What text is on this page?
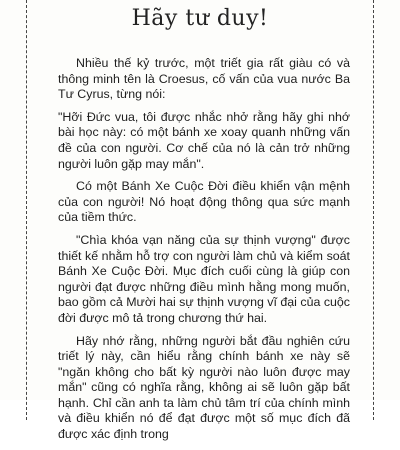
Hãy tư duy!

Nhiều thế kỷ trước, một triết gia rất giàu có và thông minh tên là Croesus, cố vấn của vua nước Ba Tư Cyrus, từng nói:

"Hỡi Đức vua, tôi được nhắc nhở rằng hãy ghi nhớ bài học này: có một bánh xe xoay quanh những vấn đề của con người. Cơ chế của nó là cản trở những người luôn gặp may mắn".

Có một Bánh Xe Cuộc Đời điều khiển vận mệnh của con người! Nó hoạt động thông qua sức mạnh của tiềm thức.

"Chìa khóa vạn năng của sự thịnh vượng" được thiết kế nhằm hỗ trợ con người làm chủ và kiểm soát Bánh Xe Cuộc Đời. Mục đích cuối cùng là giúp con người đạt được những điều mình hằng mong muốn, bao gồm cả Mười hai sự thịnh vượng vĩ đại của cuộc đời được mô tả trong chương thứ hai.

Hãy nhớ rằng, những người bắt đầu nghiên cứu triết lý này, cần hiểu rằng chính bánh xe này sẽ "ngăn không cho bất kỳ người nào luôn được may mắn" cũng có nghĩa rằng, không ai sẽ luôn gặp bất hạnh. Chỉ cần anh ta làm chủ tâm trí của chính mình và điều khiển nó để đạt được một số mục đích đã được xác định trong
